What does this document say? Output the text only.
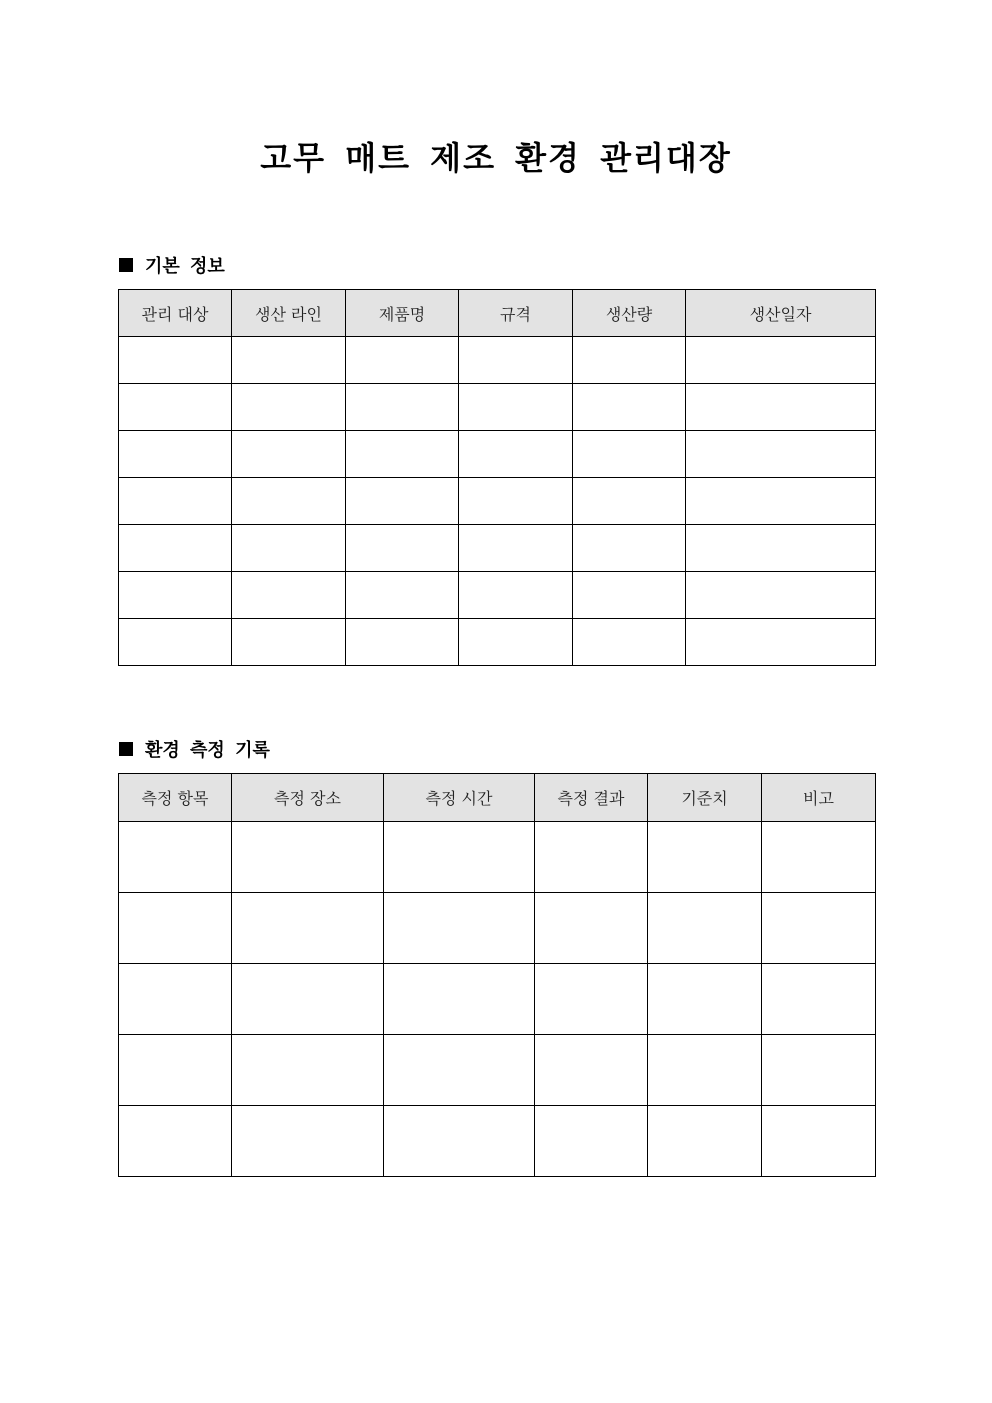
고무 매트 제조 환경 관리대장
기본 정보
관리 대상	생산 라인	제품명	규격	생산량	생산일자

환경 측정 기록
측정 항목	측정 장소	측정 시간	측정 결과	기준치	비고
